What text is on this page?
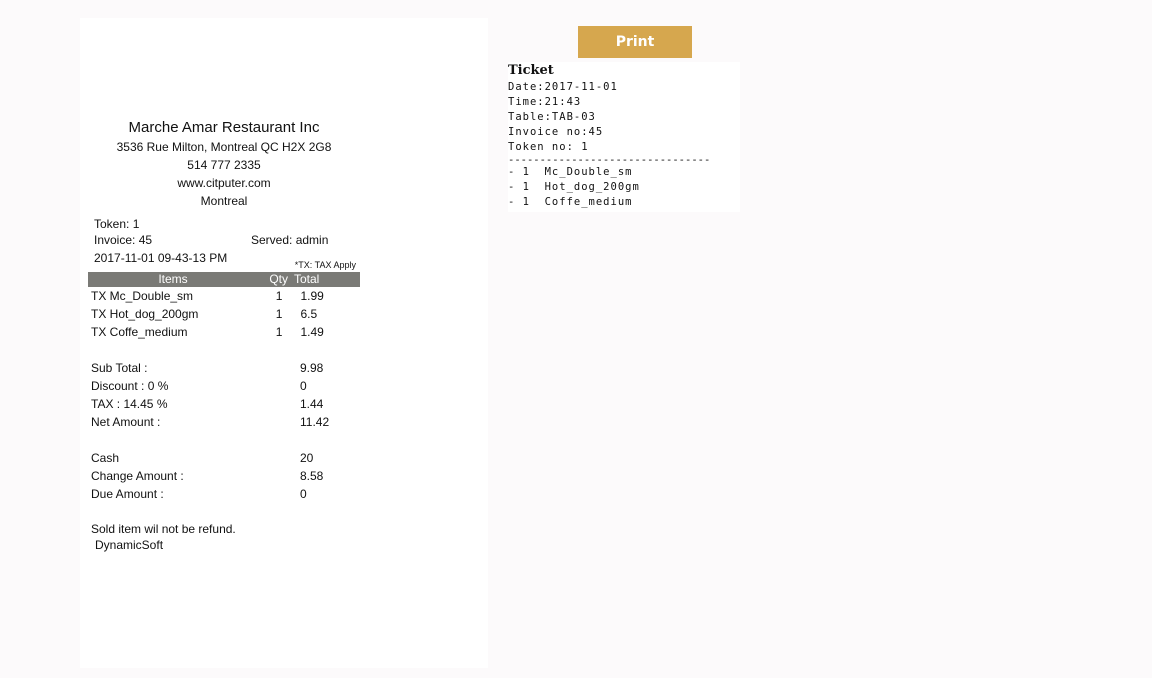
Print
Marche Amar Restaurant Inc
3536 Rue Milton, Montreal QC H2X 2G8
514 777 2335
www.citputer.com
Montreal
Token:
1
Invoice: 45	Served: admin
2017-11-01 09-43-13 PM	*TX: TAX Apply
Items	Qty Total
TX Mc_Double_sm	1	1.99
TX Hot_dog_200gm	1	6.5
TX Coffe_medium	1	1.49
Sub Total :	9.98
Discount : 0 %	0
TAX : 14.45 %	1.44
Net Amount :	11.42
Cash	20
Change Amount :	8.58
Due Amount :	0
Sold item wil not be refund.
DynamicSoft
Ticket
Date:2017-11-01
Time:21:43
Table:TAB-03
Invoice no:45
Token no: 1
--------------------------------
- 1  Mc_Double_sm
- 1  Hot_dog_200gm
- 1  Coffe_medium
